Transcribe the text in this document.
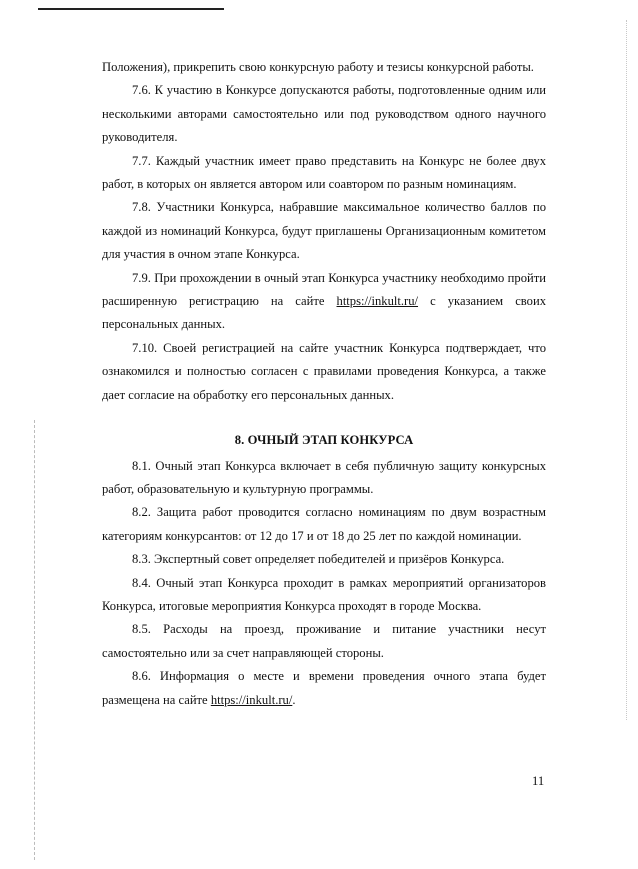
Положения), прикрепить свою конкурсную работу и тезисы конкурсной работы.

7.6. К участию в Конкурсе допускаются работы, подготовленные одним или несколькими авторами самостоятельно или под руководством одного научного руководителя.

7.7. Каждый участник имеет право представить на Конкурс не более двух работ, в которых он является автором или соавтором по разным номинациям.

7.8. Участники Конкурса, набравшие максимальное количество баллов по каждой из номинаций Конкурса, будут приглашены Организационным комитетом для участия в очном этапе Конкурса.

7.9. При прохождении в очный этап Конкурса участнику необходимо пройти расширенную регистрацию на сайте https://inkult.ru/ с указанием своих персональных данных.

7.10. Своей регистрацией на сайте участник Конкурса подтверждает, что ознакомился и полностью согласен с правилами проведения Конкурса, а также дает согласие на обработку его персональных данных.

8. ОЧНЫЙ ЭТАП КОНКУРСА

8.1. Очный этап Конкурса включает в себя публичную защиту конкурсных работ, образовательную и культурную программы.

8.2. Защита работ проводится согласно номинациям по двум возрастным категориям конкурсантов: от 12 до 17 и от 18 до 25 лет по каждой номинации.

8.3. Экспертный совет определяет победителей и призёров Конкурса.

8.4. Очный этап Конкурса проходит в рамках мероприятий организаторов Конкурса, итоговые мероприятия Конкурса проходят в городе Москва.

8.5. Расходы на проезд, проживание и питание участники несут самостоятельно или за счет направляющей стороны.

8.6. Информация о месте и времени проведения очного этапа будет размещена на сайте https://inkult.ru/.

11
